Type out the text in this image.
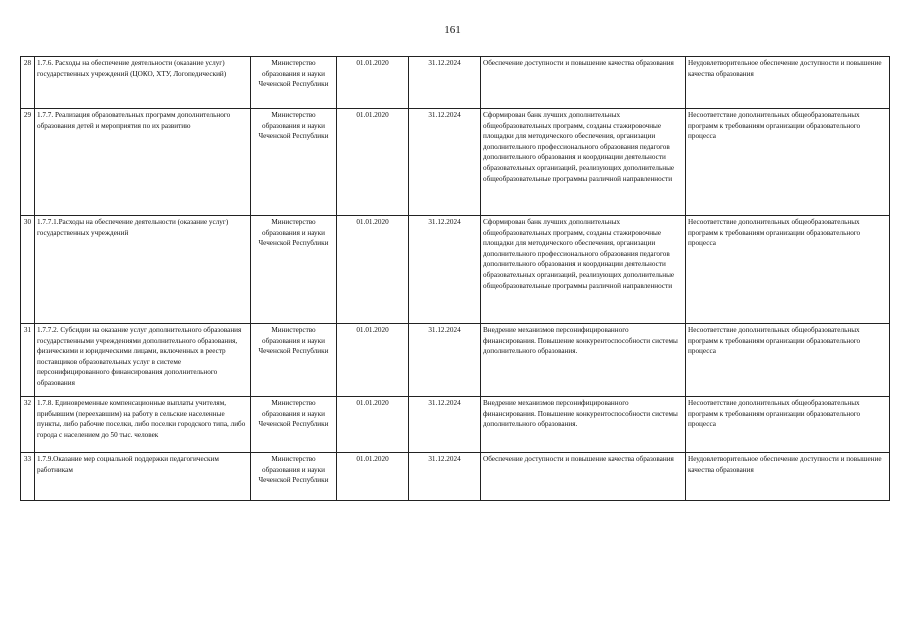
161
28	1.7.6. Расходы на обеспечение деятельности (оказание услуг) государственных учреждений (ЦОКО, ХТУ, Логопедический)	Министерство образования и науки Чеченской Республики	01.01.2020	31.12.2024	Обеспечение доступности и повышение качества образования	Неудовлетворительное обеспечение доступности и повышение качества образования
29	1.7.7. Реализация образовательных программ дополнительного образования детей и мероприятия по их развитию	Министерство образования и науки Чеченской Республики	01.01.2020	31.12.2024	Сформирован банк лучших дополнительных общеобразовательных программ, созданы стажировочные площадки для методического обеспечения, организации дополнительного профессионального образования педагогов дополнительного образования и координации деятельности образовательных организаций, реализующих дополнительные общеобразовательные программы различной направленности	Несоответствие дополнительных общеобразовательных программ к требованиям организации образовательного процесса
30	1.7.7.1.Расходы на обеспечение деятельности (оказание услуг) государственных учреждений	Министерство образования и науки Чеченской Республики	01.01.2020	31.12.2024	Сформирован банк лучших дополнительных общеобразовательных программ, созданы стажировочные площадки для методического обеспечения, организации дополнительного профессионального образования педагогов дополнительного образования и координации деятельности образовательных организаций, реализующих дополнительные общеобразовательные программы различной направленности	Несоответствие дополнительных общеобразовательных программ к требованиям организации образовательного процесса
31	1.7.7.2. Субсидии на оказание услуг дополнительного образования государственными учреждениями дополнительного образования, физическими и юридическими лицами, включенных в реестр поставщиков образовательных услуг в системе персонифицированного финансирования дополнительного образования	Министерство образования и науки Чеченской Республики	01.01.2020	31.12.2024	Внедрение механизмов персонифицированного финансирования. Повышение конкурентоспособности системы дополнительного образования.	Несоответствие дополнительных общеобразовательных программ к требованиям организации образовательного процесса
32	1.7.8. Единовременные компенсационные выплаты учителям, прибывшим (переехавшим) на работу в сельские населенные пункты, либо рабочие поселки, либо поселки городского типа, либо города с населением до 50 тыс. человек	Министерство образования и науки Чеченской Республики	01.01.2020	31.12.2024	Внедрение механизмов персонифицированного финансирования. Повышение конкурентоспособности системы дополнительного образования.	Несоответствие дополнительных общеобразовательных программ к требованиям организации образовательного процесса
33	1.7.9.Оказание мер социальной поддержки педагогическим работникам	Министерство образования и науки Чеченской Республики	01.01.2020	31.12.2024	Обеспечение доступности и повышение качества образования	Неудовлетворительное обеспечение доступности и повышение качества образования
